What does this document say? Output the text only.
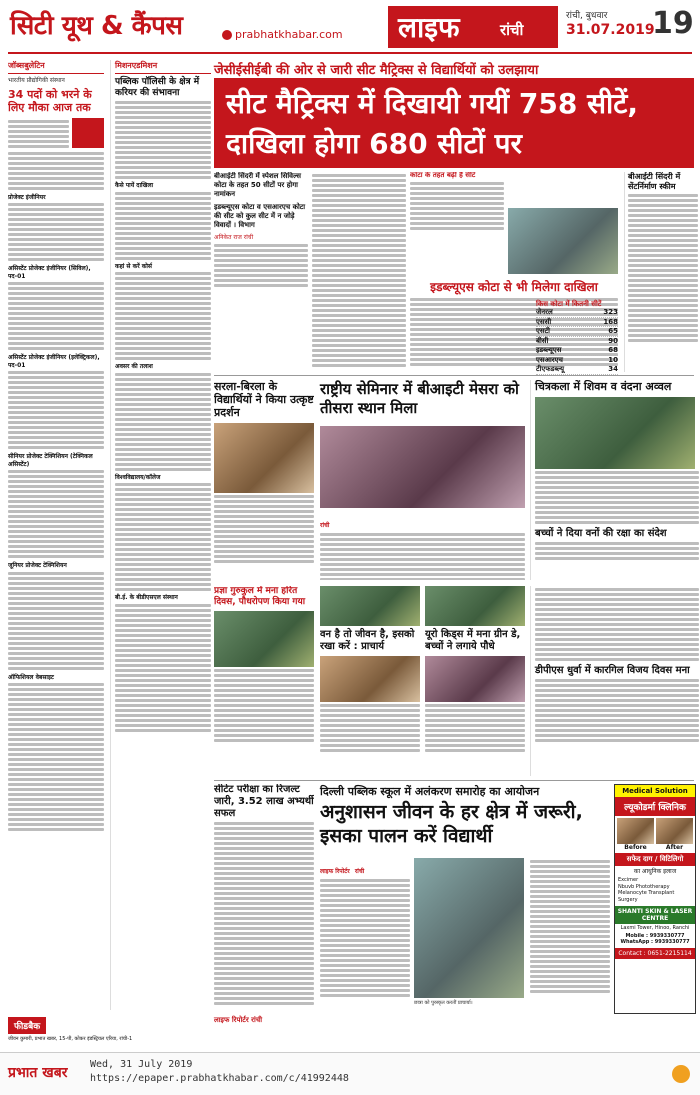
सिटी यूथ & कैंपस	prabhatkhabar.com लाइफ	रांची
रांची, बुधवार
31.07.2019
19
जॉब्सबुलेटिन
भारतीय प्रौद्योगिकी संस्थान
34 पदों को भरने के लिए मौका आज तक
प्रोजेक्ट इंजीनियर
असिस्टेंट प्रोजेक्ट इंजीनियर (सिविल), पद-01
असिस्टेंट प्रोजेक्ट इंजीनियर (इलेक्ट्रिकल), पद-01
सीनियर प्रोजेक्ट टेक्निशियन (टेक्निकल असिस्टेंट)
जूनियर प्रोजेक्ट टेक्निशियन
ऑफिशियल वेबसाइट
मिशनएडमिशन
पब्लिक पॉलिसी के क्षेत्र में करियर की संभावना
कैसे पायें दाखिला
कहां से करें कोर्स
अवसर की तलाश
विश्वविद्यालय/कॉलेज
बी.ई. के बीडीएसएल संस्थान
जेसीईसीईबी की ओर से जारी सीट मैट्रिक्स से विद्यार्थियों को उलझाया
सीट मैट्रिक्स में दिखायी गयीं 758 सीटें, दाखिला होगा 680 सीटों पर
बीआईटी सिंदरी में स्पेशल सिविल्स कोटा के तहत 50 सीटों पर होगा नामांकन
इडब्ल्यूएस कोटा व एसआरएच कोटा की सीट को कुल सीट में न जोड़े विवादों । विभाग
अनिकेत राज रांची
कोटा के तहत बढ़ी हैं सीटें
इडब्ल्यूएस कोटा से भी मिलेगा दाखिला
किस कोटा में कितनी सीटें
जेनरल	323
एससी	168
एसटी	65
बीसी	90
इडब्ल्यूएस	68
एसआरएच	10
टीएफडब्ल्यू	34
बीआईटी सिंदरी में सेंटर्निर्माण स्कीम
सरला-बिरला के विद्यार्थियों ने किया उत्कृष्ट प्रदर्शन
राष्ट्रीय सेमिनार में बीआइटी मेसरा को तीसरा स्थान मिला
रांची
चित्रकला में शिवम व वंदना अव्वल
बच्चों ने दिया वनों की रक्षा का संदेश
प्रज्ञा गुरुकुल में मना हरित दिवस, पौधरोपण किया गया
वन है तो जीवन है, इसको रखा करें : प्राचार्य
यूरो किड्स में मना ग्रीन डे, बच्चों ने लगाये पौधे
डीपीएस धुर्वा में कारगिल विजय दिवस मना
सीटेट परीक्षा का रिजल्ट जारी, 3.52 लाख अभ्यर्थी सफल
दिल्ली पब्लिक स्कूल में अलंकरण समारोह का आयोजन
अनुशासन जीवन के हर क्षेत्र में जरूरी, इसका पालन करें विद्यार्थी
लाइफ रिपोर्टर रांची
छात्रा को पुरस्कृत करतीं प्राचार्या।
Medical Solution
ल्यूकोडर्मा क्लिनिक
Before	After
सफेद दाग / विटिलिगो
का आधुनिक इलाज
Excimer
Nbuvb Phototherapy
Melanocyte Transplant
Surgery
SHANTI SKIN & LASER CENTRE
Laxmi Tower, Hinoo, Ranchi
Mobile : 9939330777
WhatsApp : 9939330777
Contact : 0651-2215114
फीडबैक
जीवन कुमारी, प्रभात खबर, 15-पी, कोकर इंडस्ट्रियल एरिया, रांची-1
लाइफ रिपोर्टर रांची
प्रभात खबर
Wed, 31 July 2019
https://epaper.prabhatkhabar.com/c/41992448
